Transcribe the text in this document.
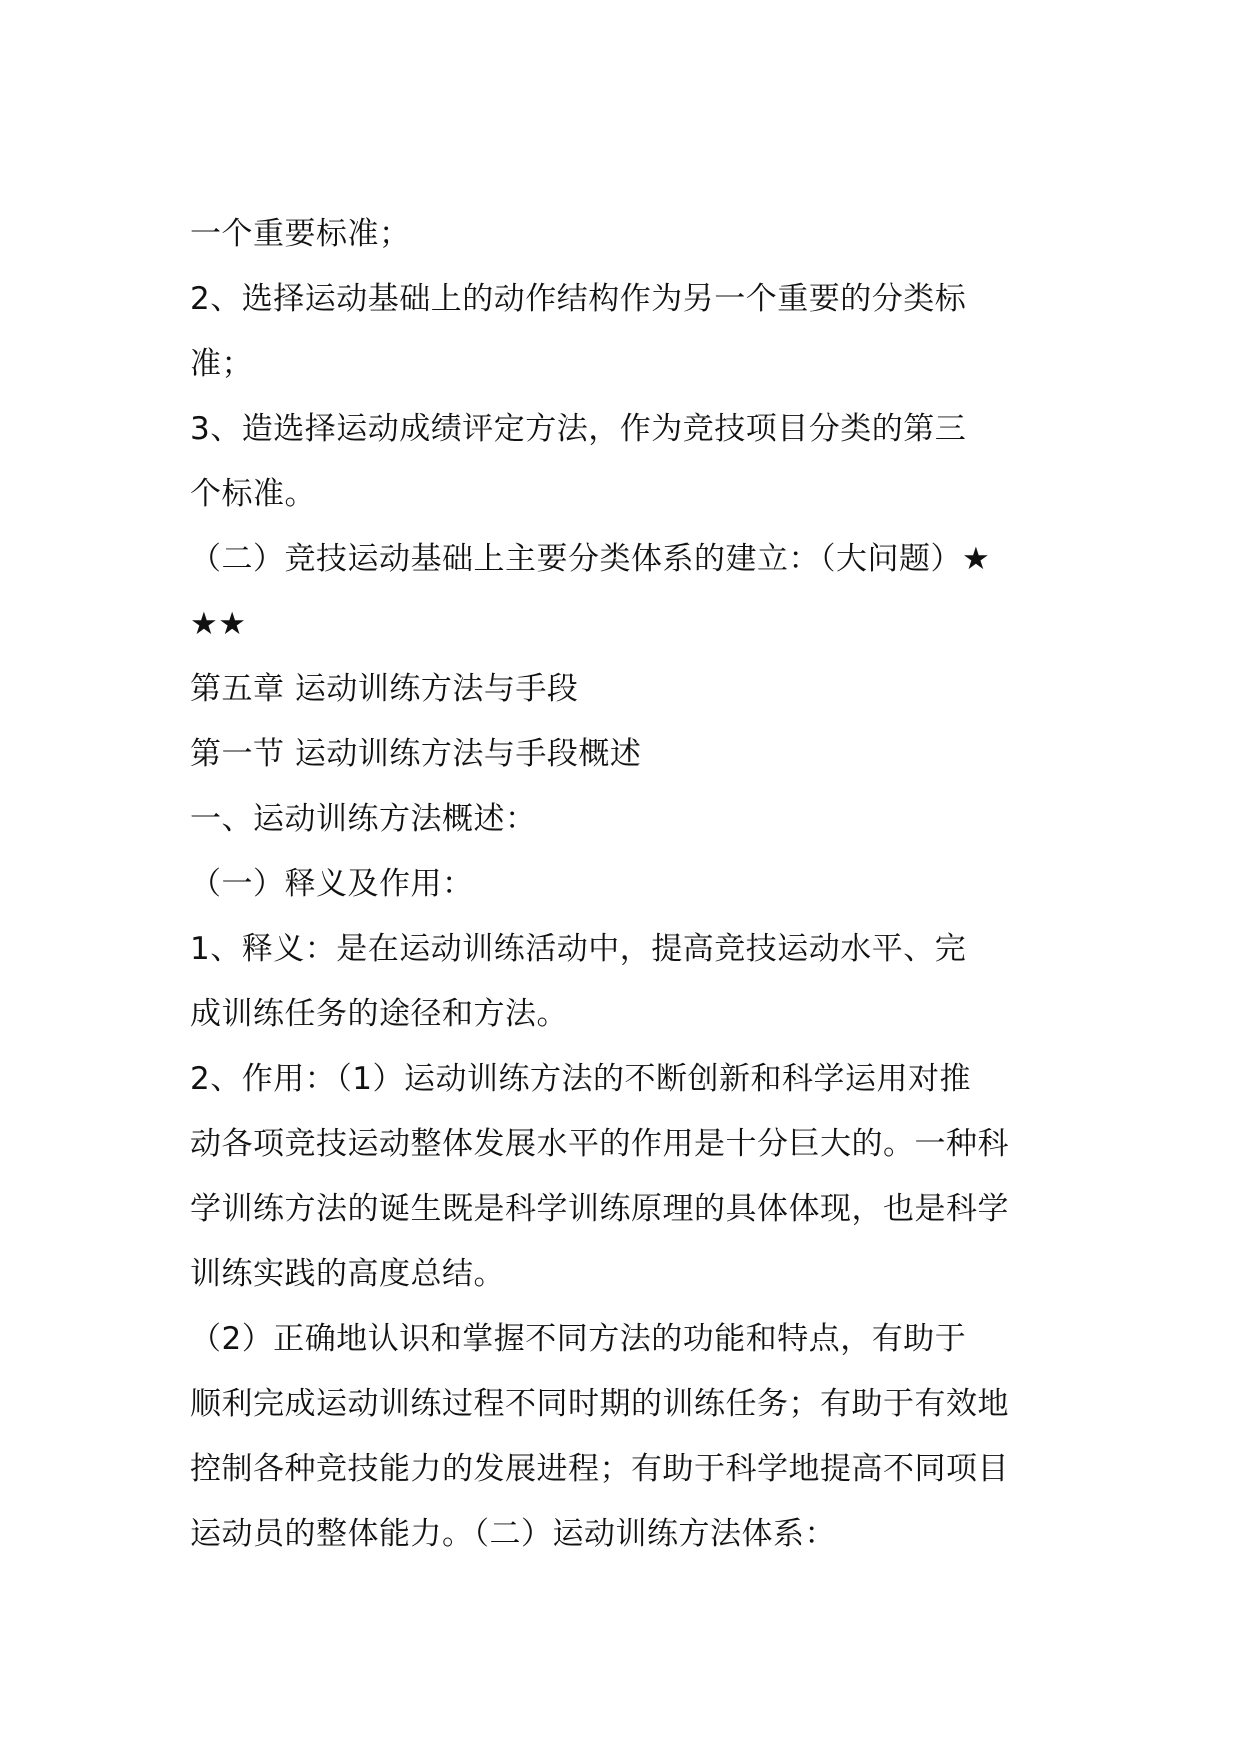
一个重要标准；
2、选择运动基础上的动作结构作为另一个重要的分类标
准；
3、造选择运动成绩评定方法，作为竞技项目分类的第三
个标准。
（二）竞技运动基础上主要分类体系的建立：（大问题）★
★★
第五章 运动训练方法与手段
第一节 运动训练方法与手段概述
一、运动训练方法概述：
（一）释义及作用：
1、释义：是在运动训练活动中，提高竞技运动水平、完
成训练任务的途径和方法。
2、作用：（1）运动训练方法的不断创新和科学运用对推
动各项竞技运动整体发展水平的作用是十分巨大的。一种科
学训练方法的诞生既是科学训练原理的具体体现，也是科学
训练实践的高度总结。
（2）正确地认识和掌握不同方法的功能和特点，有助于
顺利完成运动训练过程不同时期的训练任务；有助于有效地
控制各种竞技能力的发展进程；有助于科学地提高不同项目
运动员的整体能力。（二）运动训练方法体系：
